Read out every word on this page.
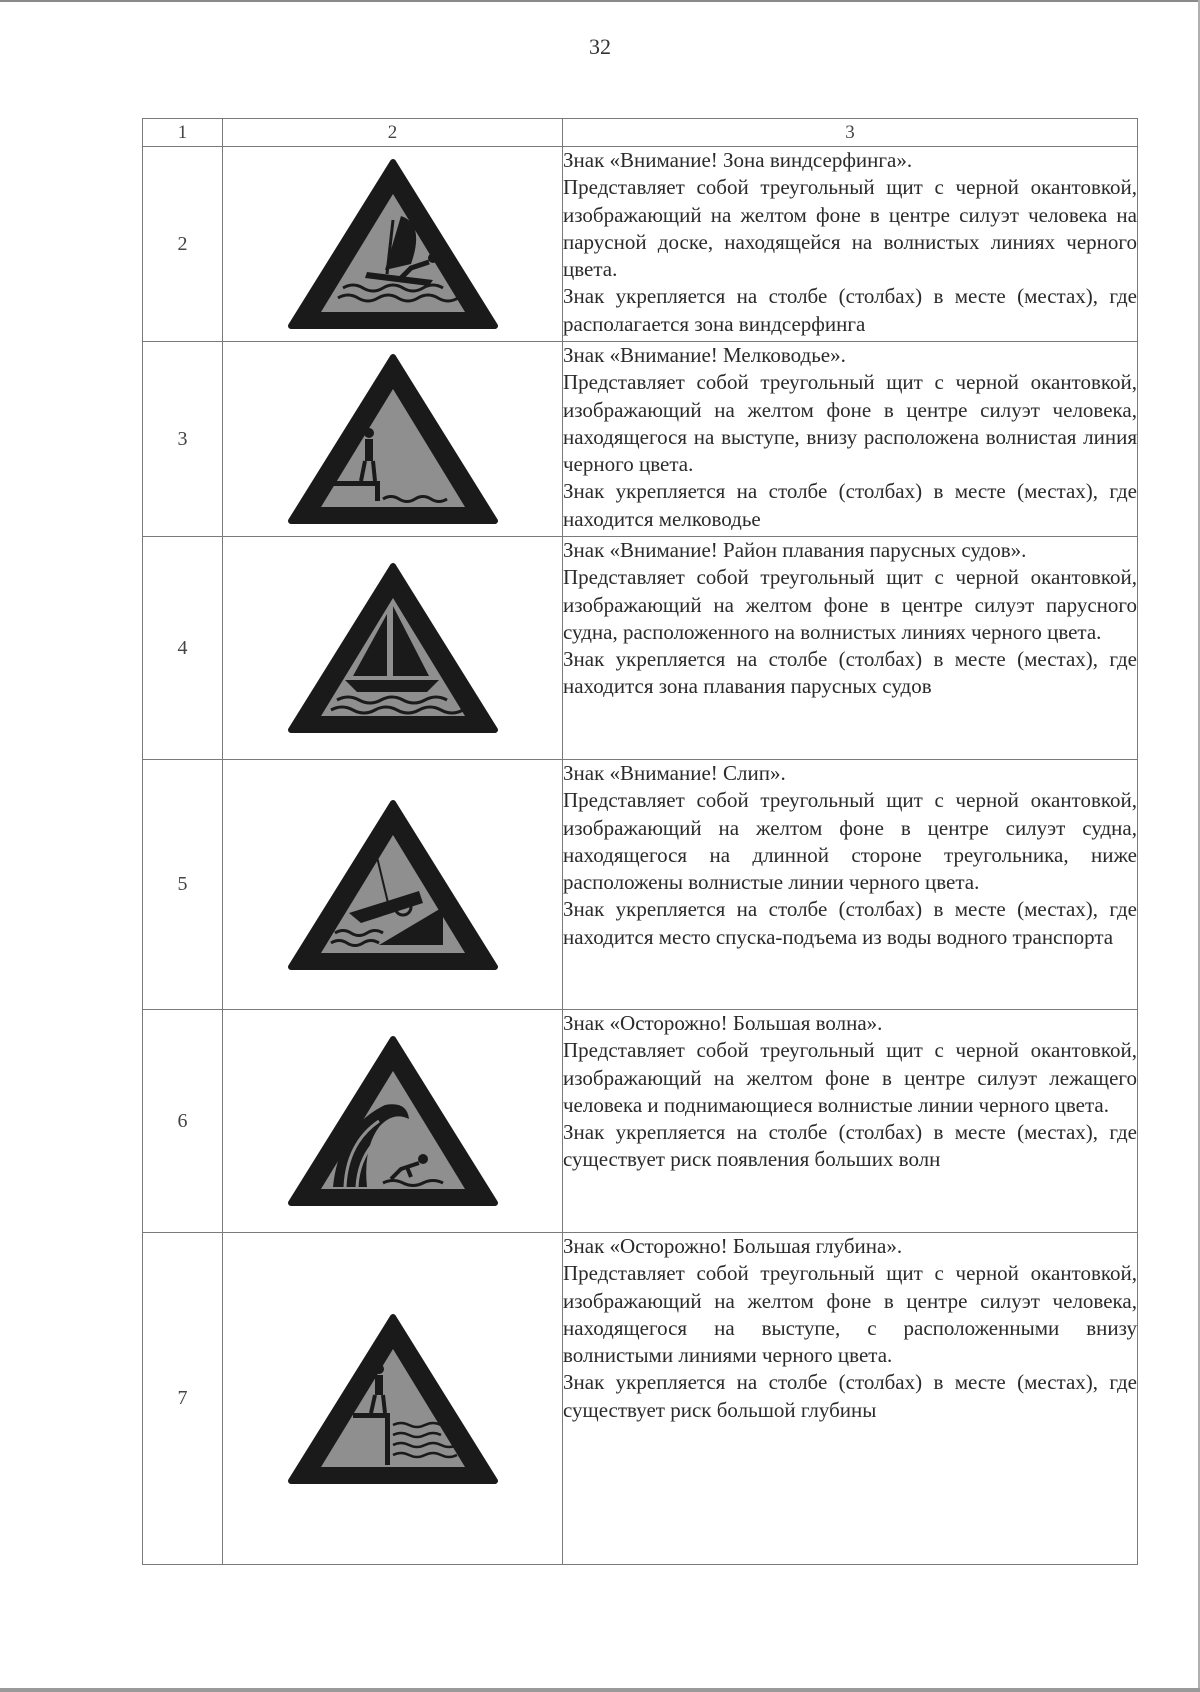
32
1	2	3
2		Знак «Внимание! Зона виндсерфинга».

Представляет собой треугольный щит с черной окантовкой, изображающий на желтом фоне в центре силуэт человека на парусной доске, находящейся на волнистых линиях черного цвета.

Знак укрепляется на столбе (столбах) в месте (местах), где располагается зона виндсерфинга

3		Знак «Внимание! Мелководье».

Представляет собой треугольный щит с черной окантовкой, изображающий на желтом фоне в центре силуэт человека, находящегося на выступе, внизу расположена волнистая линия черного цвета.

Знак укрепляется на столбе (столбах) в месте (местах), где находится мелководье

4		Знак «Внимание! Район плавания парусных судов».

Представляет собой треугольный щит с черной окантовкой, изображающий на желтом фоне в центре силуэт парусного судна, расположенного на волнистых линиях черного цвета.

Знак укрепляется на столбе (столбах) в месте (местах), где находится зона плавания парусных судов

5		Знак «Внимание! Слип».

Представляет собой треугольный щит с черной окантовкой, изображающий на желтом фоне в центре силуэт судна, находящегося на длинной стороне треугольника, ниже расположены волнистые линии черного цвета.

Знак укрепляется на столбе (столбах) в месте (местах), где находится место спуска-подъема из воды водного транспорта

6		Знак «Осторожно! Большая волна».

Представляет собой треугольный щит с черной окантовкой, изображающий на желтом фоне в центре силуэт лежащего человека и поднимающиеся волнистые линии черного цвета.

Знак укрепляется на столбе (столбах) в месте (местах), где существует риск появления больших волн

7		Знак «Осторожно! Большая глубина».

Представляет собой треугольный щит с черной окантовкой, изображающий на желтом фоне в центре силуэт человека, находящегося на выступе, с расположенными внизу волнистыми линиями черного цвета.

Знак укрепляется на столбе (столбах) в месте (местах), где существует риск большой глубины
